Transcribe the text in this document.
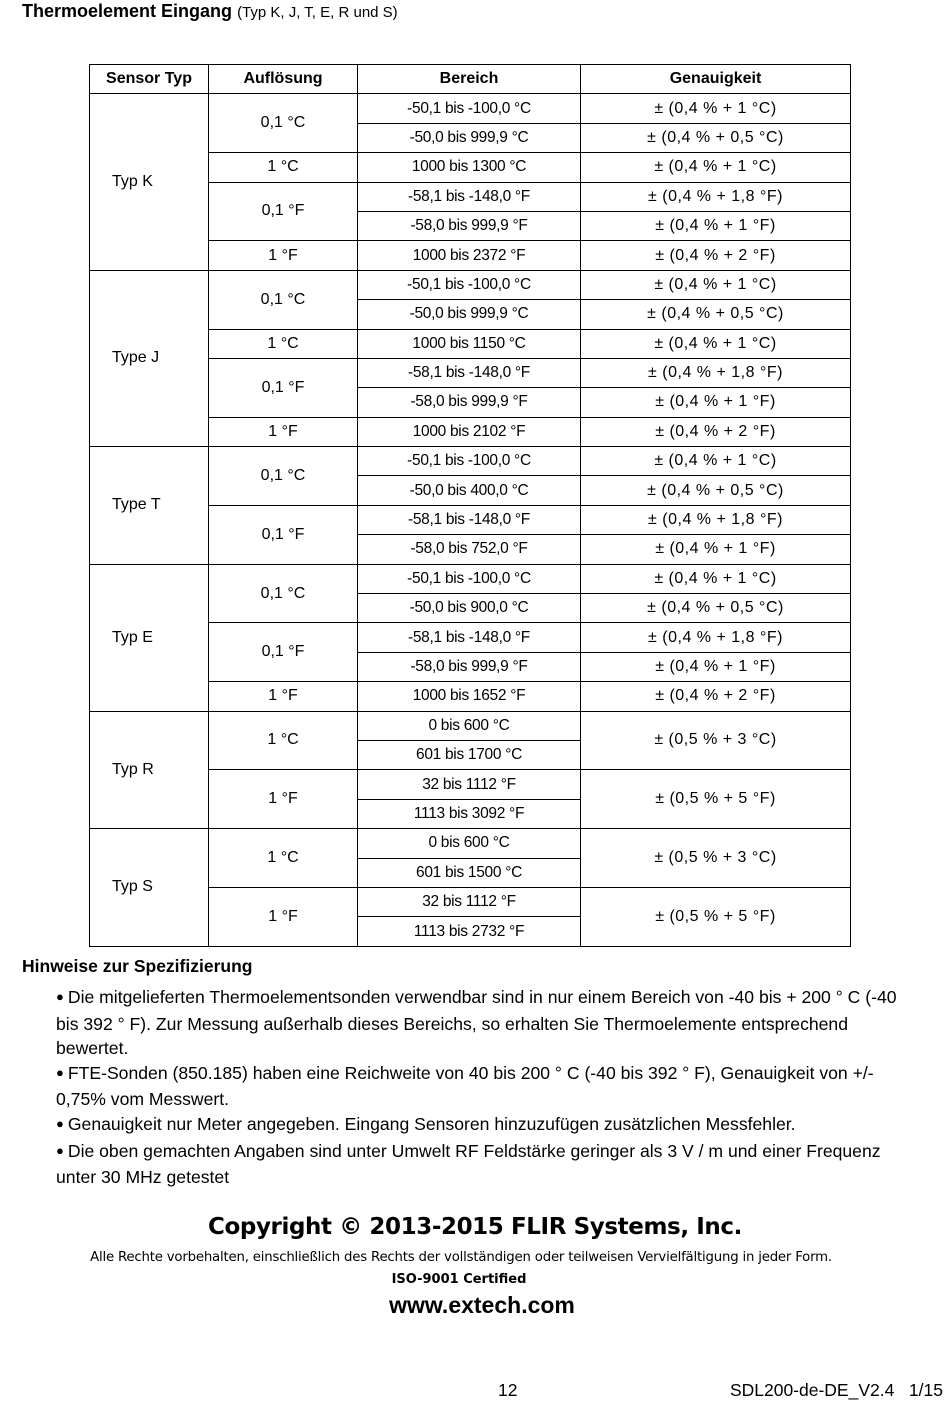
Thermoelement Eingang (Typ K, J, T, E, R und S)
Sensor Typ	Auflösung	Bereich	Genauigkeit
Typ K	0,1 °C	-50,1 bis -100,0 °C	± (0,4 % + 1 °C)
		-50,0 bis 999,9 °C	± (0,4 % + 0,5 °C)
	1 °C	1000 bis 1300 °C	± (0,4 % + 1 °C)
	0,1 °F	-58,1 bis -148,0 °F	± (0,4 % + 1,8 °F)
		-58,0 bis 999,9 °F	± (0,4 % + 1 °F)
	1 °F	1000 bis 2372 °F	± (0,4 % + 2 °F)
Type J	0,1 °C	-50,1 bis -100,0 °C	± (0,4 % + 1 °C)
		-50,0 bis 999,9 °C	± (0,4 % + 0,5 °C)
	1 °C	1000 bis 1150 °C	± (0,4 % + 1 °C)
	0,1 °F	-58,1 bis -148,0 °F	± (0,4 % + 1,8 °F)
		-58,0 bis 999,9 °F	± (0,4 % + 1 °F)
	1 °F	1000 bis 2102 °F	± (0,4 % + 2 °F)
Type T	0,1 °C	-50,1 bis -100,0 °C	± (0,4 % + 1 °C)
		-50,0 bis 400,0 °C	± (0,4 % + 0,5 °C)
	0,1 °F	-58,1 bis -148,0 °F	± (0,4 % + 1,8 °F)
		-58,0 bis 752,0 °F	± (0,4 % + 1 °F)
Typ E	0,1 °C	-50,1 bis -100,0 °C	± (0,4 % + 1 °C)
		-50,0 bis 900,0 °C	± (0,4 % + 0,5 °C)
	0,1 °F	-58,1 bis -148,0 °F	± (0,4 % + 1,8 °F)
		-58,0 bis 999,9 °F	± (0,4 % + 1 °F)
	1 °F	1000 bis 1652 °F	± (0,4 % + 2 °F)
Typ R	1 °C	0 bis 600 °C	± (0,5 % + 3 °C)
		601 bis 1700 °C	
	1 °F	32 bis 1112 °F	± (0,5 % + 5 °F)
		1113 bis 3092 °F	
Typ S	1 °C	0 bis 600 °C	± (0,5 % + 3 °C)
		601 bis 1500 °C	
	1 °F	32 bis 1112 °F	± (0,5 % + 5 °F)
		1113 bis 2732 °F	
Hinweise zur Spezifizierung
● Die mitgelieferten Thermoelementsonden verwendbar sind in nur einem Bereich von -40 bis + 200 ° C (-40 bis 392 ° F). Zur Messung außerhalb dieses Bereichs, so erhalten Sie Thermoelemente entsprechend bewertet.
● FTE-Sonden (850.185) haben eine Reichweite von 40 bis 200 ° C (-40 bis 392 ° F), Genauigkeit von +/- 0,75% vom Messwert.
● Genauigkeit nur Meter angegeben. Eingang Sensoren hinzuzufügen zusätzlichen Messfehler.
● Die oben gemachten Angaben sind unter Umwelt RF Feldstärke geringer als 3 V / m und einer Frequenz unter 30 MHz getestet
Copyright © 2013-2015 FLIR Systems, Inc.
Alle Rechte vorbehalten, einschließlich des Rechts der vollständigen oder teilweisen Vervielfältigung in jeder Form.
ISO-9001 Certified
www.extech.com
12	SDL200-de-DE_V2.4   1/15
